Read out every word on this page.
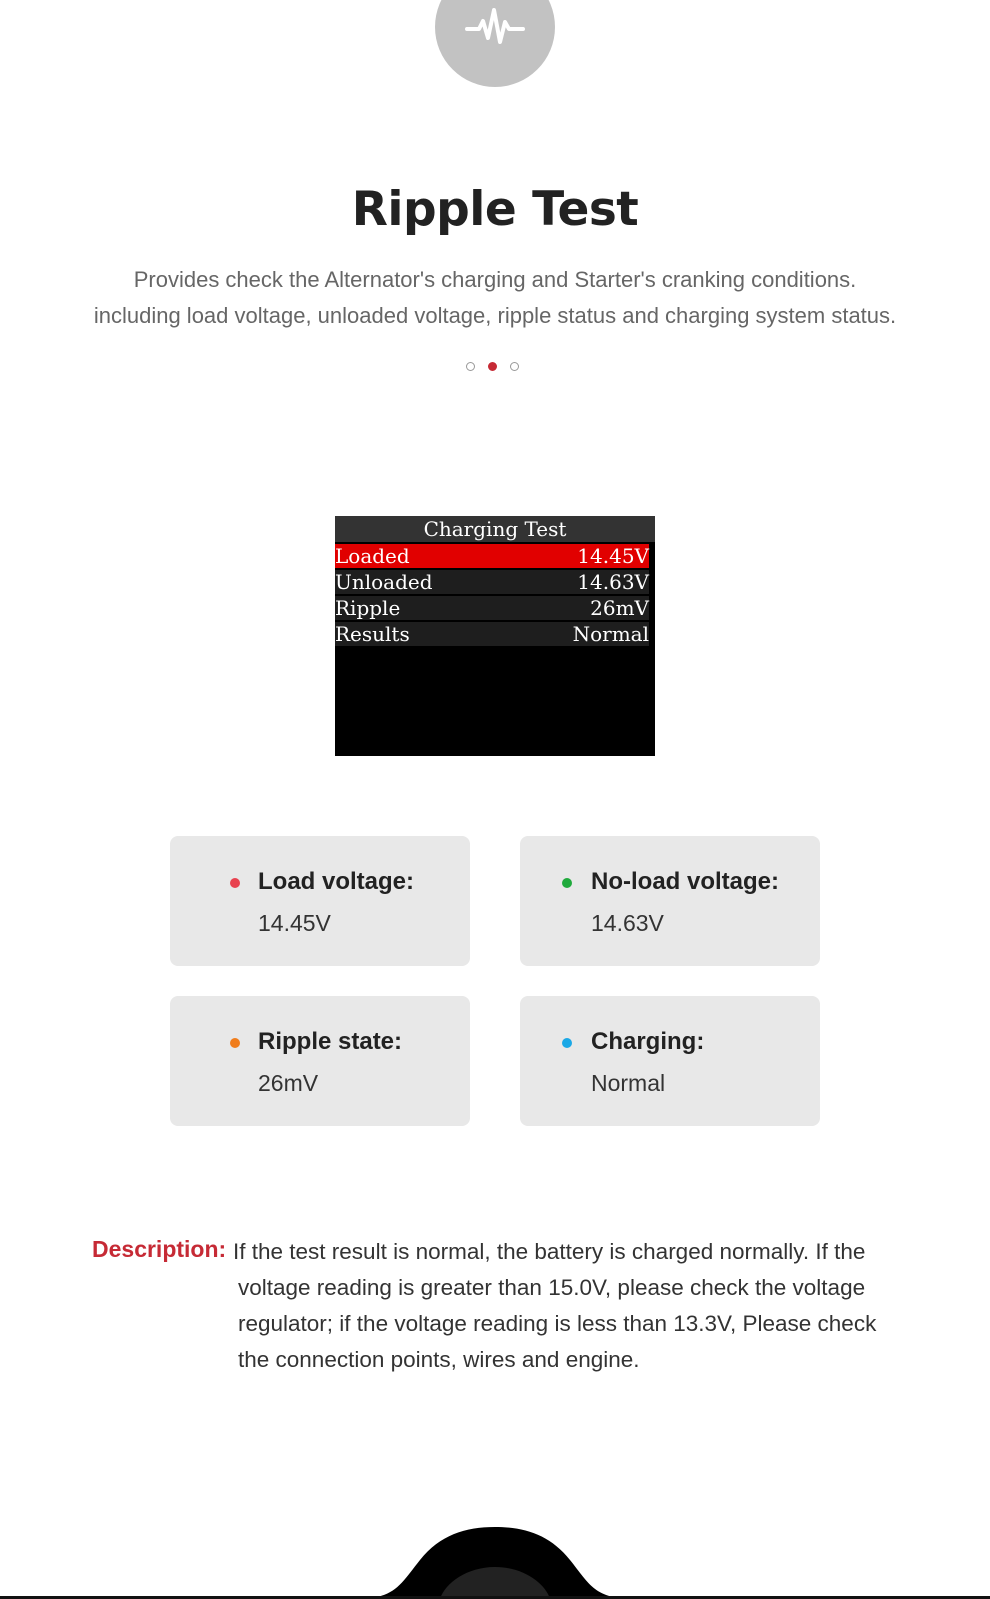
Ripple Test
Provides check the Alternator's charging and Starter's cranking conditions.
including load voltage, unloaded voltage, ripple status and charging system status.
Charging Test
Loaded	14.45V
Unloaded	14.63V
Ripple	26mV
Results	Normal
Load voltage:
14.45V
No-load voltage:
14.63V
Ripple state:
26mV
Charging:
Normal
Description: If the test result is normal, the battery is charged normally. If the
voltage reading is greater than 15.0V, please check the voltage
regulator; if the voltage reading is less than 13.3V, Please check
the connection points, wires and engine.
